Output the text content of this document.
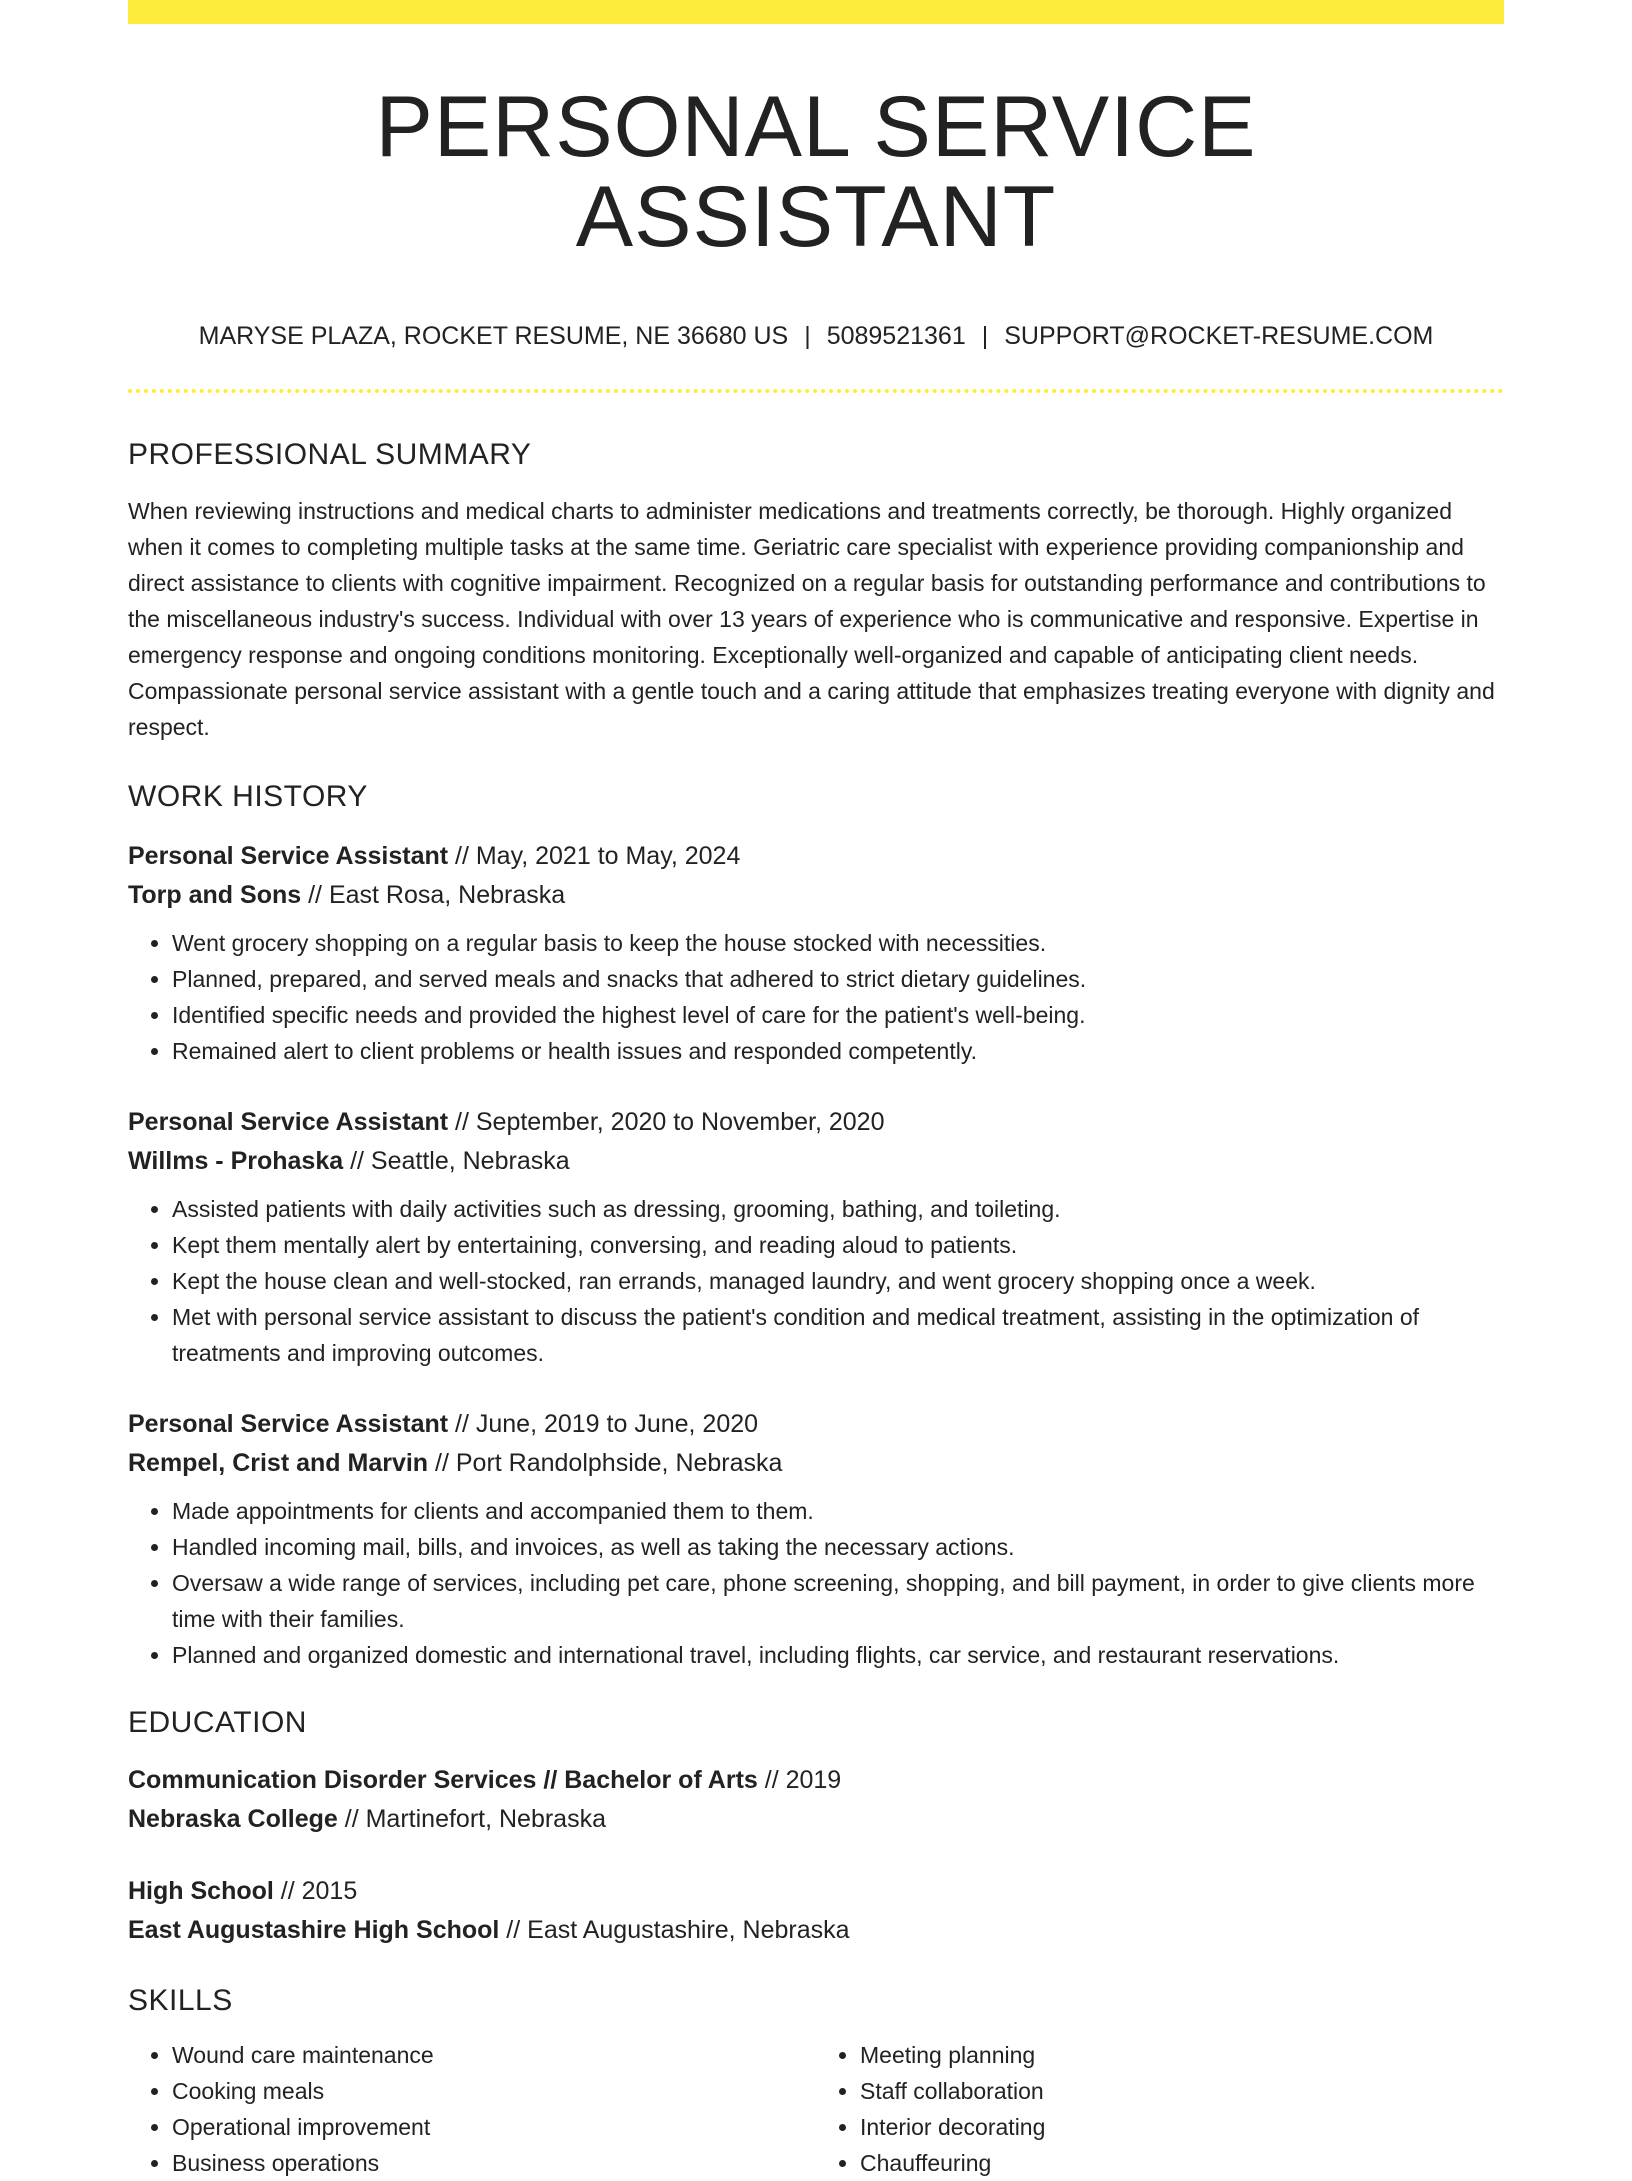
PERSONAL SERVICE ASSISTANT
MARYSE PLAZA, ROCKET RESUME, NE 36680 US | 5089521361 | SUPPORT@ROCKET-RESUME.COM
PROFESSIONAL SUMMARY

When reviewing instructions and medical charts to administer medications and treatments correctly, be thorough. Highly organized when it comes to completing multiple tasks at the same time. Geriatric care specialist with experience providing companionship and direct assistance to clients with cognitive impairment. Recognized on a regular basis for outstanding performance and contributions to the miscellaneous industry's success. Individual with over 13 years of experience who is communicative and responsive. Expertise in emergency response and ongoing conditions monitoring. Exceptionally well-organized and capable of anticipating client needs. Compassionate personal service assistant with a gentle touch and a caring attitude that emphasizes treating everyone with dignity and respect.

WORK HISTORY
Personal Service Assistant // May, 2021 to May, 2024
Torp and Sons // East Rosa, Nebraska
• Went grocery shopping on a regular basis to keep the house stocked with necessities.
• Planned, prepared, and served meals and snacks that adhered to strict dietary guidelines.
• Identified specific needs and provided the highest level of care for the patient's well-being.
• Remained alert to client problems or health issues and responded competently.
Personal Service Assistant // September, 2020 to November, 2020
Willms - Prohaska // Seattle, Nebraska
• Assisted patients with daily activities such as dressing, grooming, bathing, and toileting.
• Kept them mentally alert by entertaining, conversing, and reading aloud to patients.
• Kept the house clean and well-stocked, ran errands, managed laundry, and went grocery shopping once a week.
• Met with personal service assistant to discuss the patient's condition and medical treatment, assisting in the optimization of treatments and improving outcomes.
Personal Service Assistant // June, 2019 to June, 2020
Rempel, Crist and Marvin // Port Randolphside, Nebraska
• Made appointments for clients and accompanied them to them.
• Handled incoming mail, bills, and invoices, as well as taking the necessary actions.
• Oversaw a wide range of services, including pet care, phone screening, shopping, and bill payment, in order to give clients more time with their families.
• Planned and organized domestic and international travel, including flights, car service, and restaurant reservations.
EDUCATION
Communication Disorder Services // Bachelor of Arts // 2019
Nebraska College // Martinefort, Nebraska
High School // 2015
East Augustashire High School // East Augustashire, Nebraska
SKILLS
• Wound care maintenance
• Cooking meals
• Operational improvement
• Business operations
• Meeting planning
• Staff collaboration
• Interior decorating
• Chauffeuring
